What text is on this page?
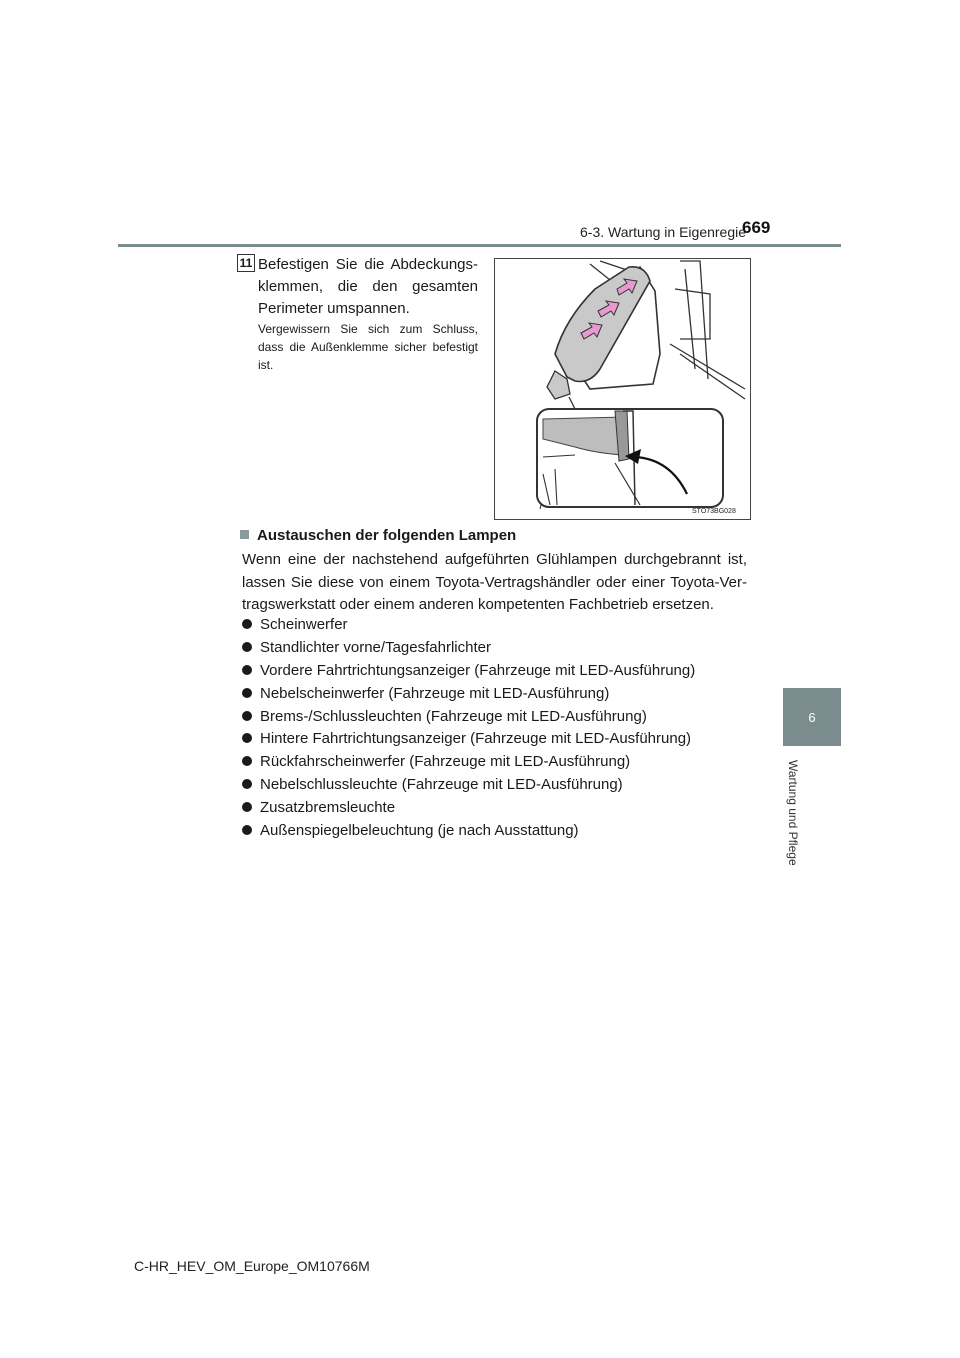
6-3. Wartung in Eigenregie
669
6
Wartung und Pflege
11 Befestigen Sie die Abdeckungs-klemmen, die den gesamten Perimeter umspannen.
Vergewissern Sie sich zum Schluss, dass die Außenklemme sicher befestigt ist.
STO73BG028
Austauschen der folgenden Lampen
Wenn eine der nachstehend aufgeführten Glühlampen durchgebrannt ist, lassen Sie diese von einem Toyota-Vertragshändler oder einer Toyota-Ver-tragswerkstatt oder einem anderen kompetenten Fachbetrieb ersetzen.
Scheinwerfer
Standlichter vorne/Tagesfahrlichter
Vordere Fahrtrichtungsanzeiger (Fahrzeuge mit LED-Ausführung)
Nebelscheinwerfer (Fahrzeuge mit LED-Ausführung)
Brems-/Schlussleuchten (Fahrzeuge mit LED-Ausführung)
Hintere Fahrtrichtungsanzeiger (Fahrzeuge mit LED-Ausführung)
Rückfahrscheinwerfer (Fahrzeuge mit LED-Ausführung)
Nebelschlussleuchte (Fahrzeuge mit LED-Ausführung)
Zusatzbremsleuchte
Außenspiegelbeleuchtung (je nach Ausstattung)
C-HR_HEV_OM_Europe_OM10766M
